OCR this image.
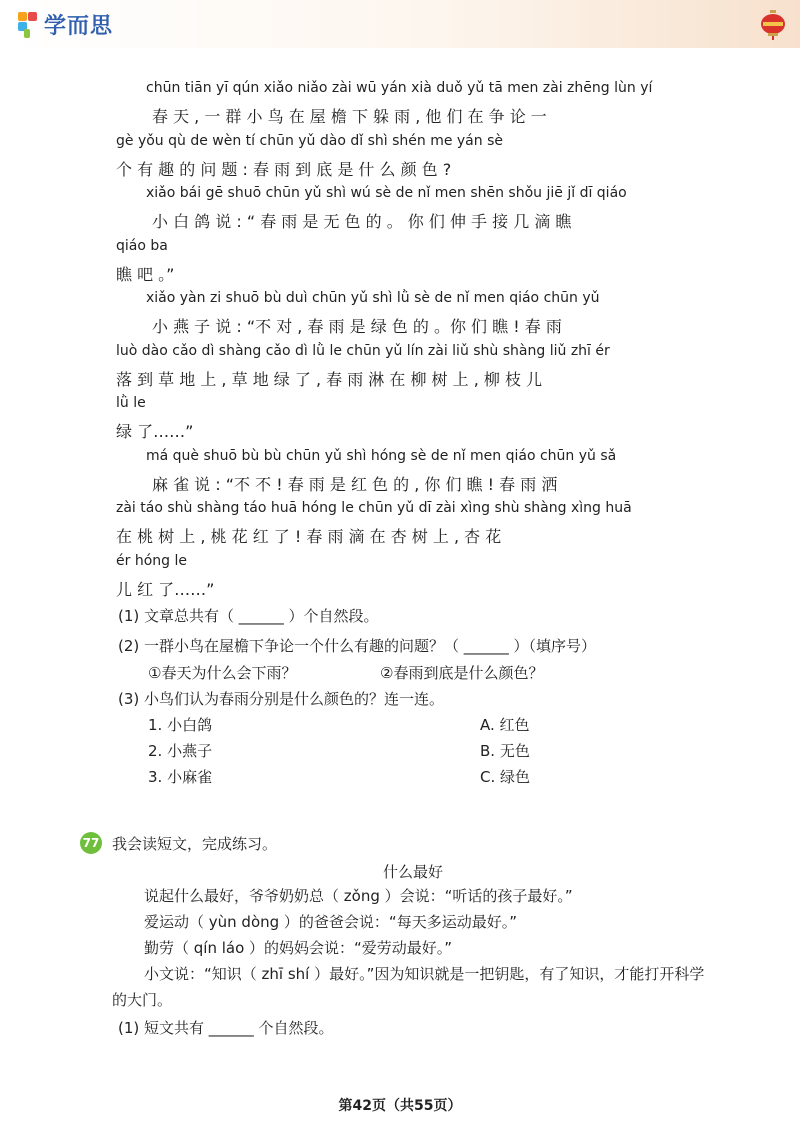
学而思
chūn tiān yī qún xiǎo niǎo zài wū yán xià duǒ yǔ tā men zài zhēng lùn yí
春 天 , 一 群 小 鸟 在 屋 檐 下 躲 雨 , 他 们 在 争 论 一
gè yǒu qù de wèn tí chūn yǔ dào dǐ shì shén me yán sè
个 有 趣 的 问 题 : 春 雨 到 底 是 什 么 颜 色 ?
xiǎo bái gē shuō chūn yǔ shì wú sè de nǐ men shēn shǒu jiē jǐ dī qiáo
小 白 鸽 说 : “ 春 雨 是 无 色 的 。 你 们 伸 手 接 几 滴 瞧
qiáo ba
瞧 吧 。”
xiǎo yàn zi shuō bù duì chūn yǔ shì lǜ sè de nǐ men qiáo chūn yǔ
小 燕 子 说 : “不 对 , 春 雨 是 绿 色 的 。你 们 瞧 ! 春 雨
luò dào cǎo dì shàng cǎo dì lǜ le chūn yǔ lín zài liǔ shù shàng liǔ zhī ér
落 到 草 地 上 , 草 地 绿 了 , 春 雨 淋 在 柳 树 上 , 柳 枝 儿
lǜ le
绿 了……”
má què shuō bù bù chūn yǔ shì hóng sè de nǐ men qiáo chūn yǔ sǎ
麻 雀 说 : “不 不 ! 春 雨 是 红 色 的 , 你 们 瞧 ! 春 雨 洒
zài táo shù shàng táo huā hóng le chūn yǔ dī zài xìng shù shàng xìng huā
在 桃 树 上 , 桃 花 红 了 ! 春 雨 滴 在 杏 树 上 , 杏 花
ér hóng le
儿 红 了……”
(1) 文章总共有（ ______ ）个自然段。
(2) 一群小鸟在屋檐下争论一个什么有趣的问题？（ ______ ）（填序号）
①春天为什么会下雨？	②春雨到底是什么颜色？
(3) 小鸟们认为春雨分别是什么颜色的？连一连。
1. 小白鸽
2. 小燕子
3. 小麻雀
A. 红色
B. 无色
C. 绿色
77 我会读短文，完成练习。
什么最好
说起什么最好，爷爷奶奶总（ zǒng ）会说：“听话的孩子最好。”
爱运动（ yùn dòng ）的爸爸会说：“每天多运动最好。”
勤劳（ qín láo ）的妈妈会说：“爱劳动最好。”
小文说：“知识（ zhī shí ）最好。”因为知识就是一把钥匙，有了知识，才能打开科学
的大门。
(1) 短文共有 ______ 个自然段。
第42页（共55页）
